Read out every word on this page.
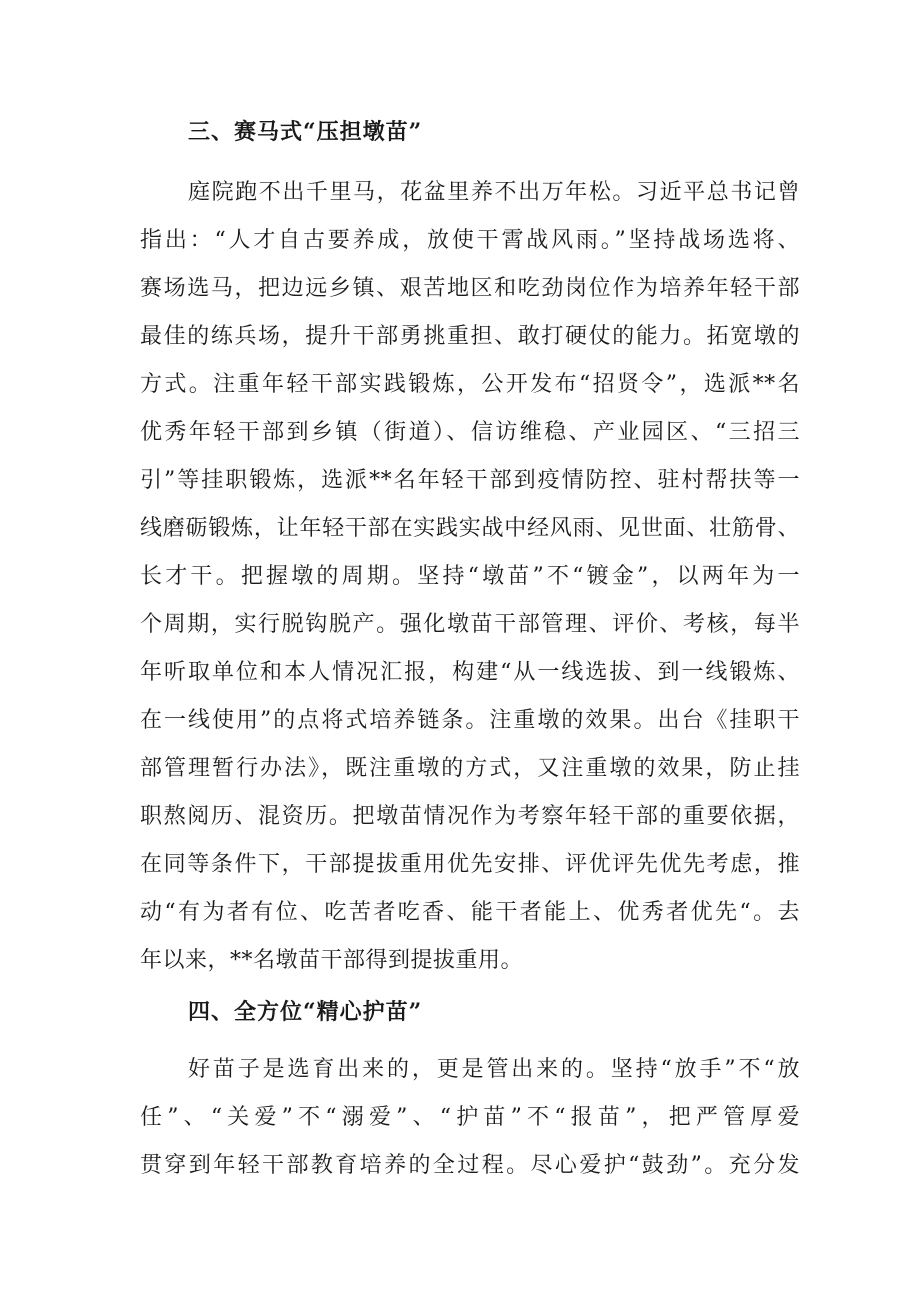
三、赛马式“压担墩苗”
庭院跑不出千里马，花盆里养不出万年松。习近平总书记曾
指出：“人才自古要养成，放使干霄战风雨。”坚持战场选将、
赛场选马，把边远乡镇、艰苦地区和吃劲岗位作为培养年轻干部
最佳的练兵场，提升干部勇挑重担、敢打硬仗的能力。拓宽墩的
方式。注重年轻干部实践锻炼，公开发布“招贤令”，选派**名
优秀年轻干部到乡镇（街道）、信访维稳、产业园区、“三招三
引”等挂职锻炼，选派**名年轻干部到疫情防控、驻村帮扶等一
线磨砺锻炼，让年轻干部在实践实战中经风雨、见世面、壮筋骨、
长才干。把握墩的周期。坚持“墩苗”不“镀金”，以两年为一
个周期，实行脱钩脱产。强化墩苗干部管理、评价、考核，每半
年听取单位和本人情况汇报，构建“从一线选拔、到一线锻炼、
在一线使用”的点将式培养链条。注重墩的效果。出台《挂职干
部管理暂行办法》，既注重墩的方式，又注重墩的效果，防止挂
职熬阅历、混资历。把墩苗情况作为考察年轻干部的重要依据，
在同等条件下，干部提拔重用优先安排、评优评先优先考虑，推
动“有为者有位、吃苦者吃香、能干者能上、优秀者优先“。去
年以来，**名墩苗干部得到提拔重用。
四、全方位“精心护苗”
好苗子是选育出来的，更是管出来的。坚持“放手”不“放
任”、“关爱”不“溺爱”、“护苗”不“报苗”，把严管厚爱
贯穿到年轻干部教育培养的全过程。尽心爱护“鼓劲”。充分发
